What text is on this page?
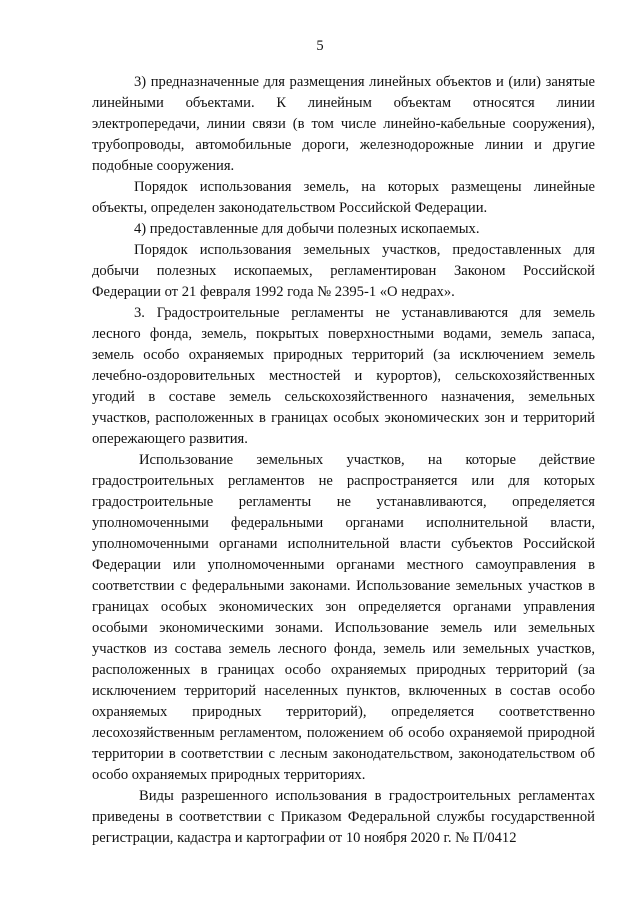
5

3) предназначенные для размещения линейных объектов и (или) занятые линейными объектами. К линейным объектам относятся линии электропередачи, линии связи (в том числе линейно-кабельные сооружения), трубопроводы, автомобильные дороги, железнодорожные линии и другие подобные сооружения.

Порядок использования земель, на которых размещены линейные объекты, определен законодательством Российской Федерации.

4) предоставленные для добычи полезных ископаемых.

Порядок использования земельных участков, предоставленных для добычи полезных ископаемых, регламентирован Законом Российской Федерации от 21 февраля 1992 года № 2395-1 «О недрах».

3. Градостроительные регламенты не устанавливаются для земель лесного фонда, земель, покрытых поверхностными водами, земель запаса, земель особо охраняемых природных территорий (за исключением земель лечебно-оздоровительных местностей и курортов), сельскохозяйственных угодий в составе земель сельскохозяйственного назначения, земельных участков, расположенных в границах особых экономических зон и территорий опережающего развития.

Использование земельных участков, на которые действие градостроительных регламентов не распространяется или для которых градостроительные регламенты не устанавливаются, определяется уполномоченными федеральными органами исполнительной власти, уполномоченными органами исполнительной власти субъектов Российской Федерации или уполномоченными органами местного самоуправления в соответствии с федеральными законами. Использование земельных участков в границах особых экономических зон определяется органами управления особыми экономическими зонами. Использование земель или земельных участков из состава земель лесного фонда, земель или земельных участков, расположенных в границах особо охраняемых природных территорий (за исключением территорий населенных пунктов, включенных в состав особо охраняемых природных территорий), определяется соответственно лесохозяйственным регламентом, положением об особо охраняемой природной территории в соответствии с лесным законодательством, законодательством об особо охраняемых природных территориях.

Виды разрешенного использования в градостроительных регламентах приведены в соответствии с Приказом Федеральной службы государственной регистрации, кадастра и картографии от 10 ноября 2020 г. № П/0412
